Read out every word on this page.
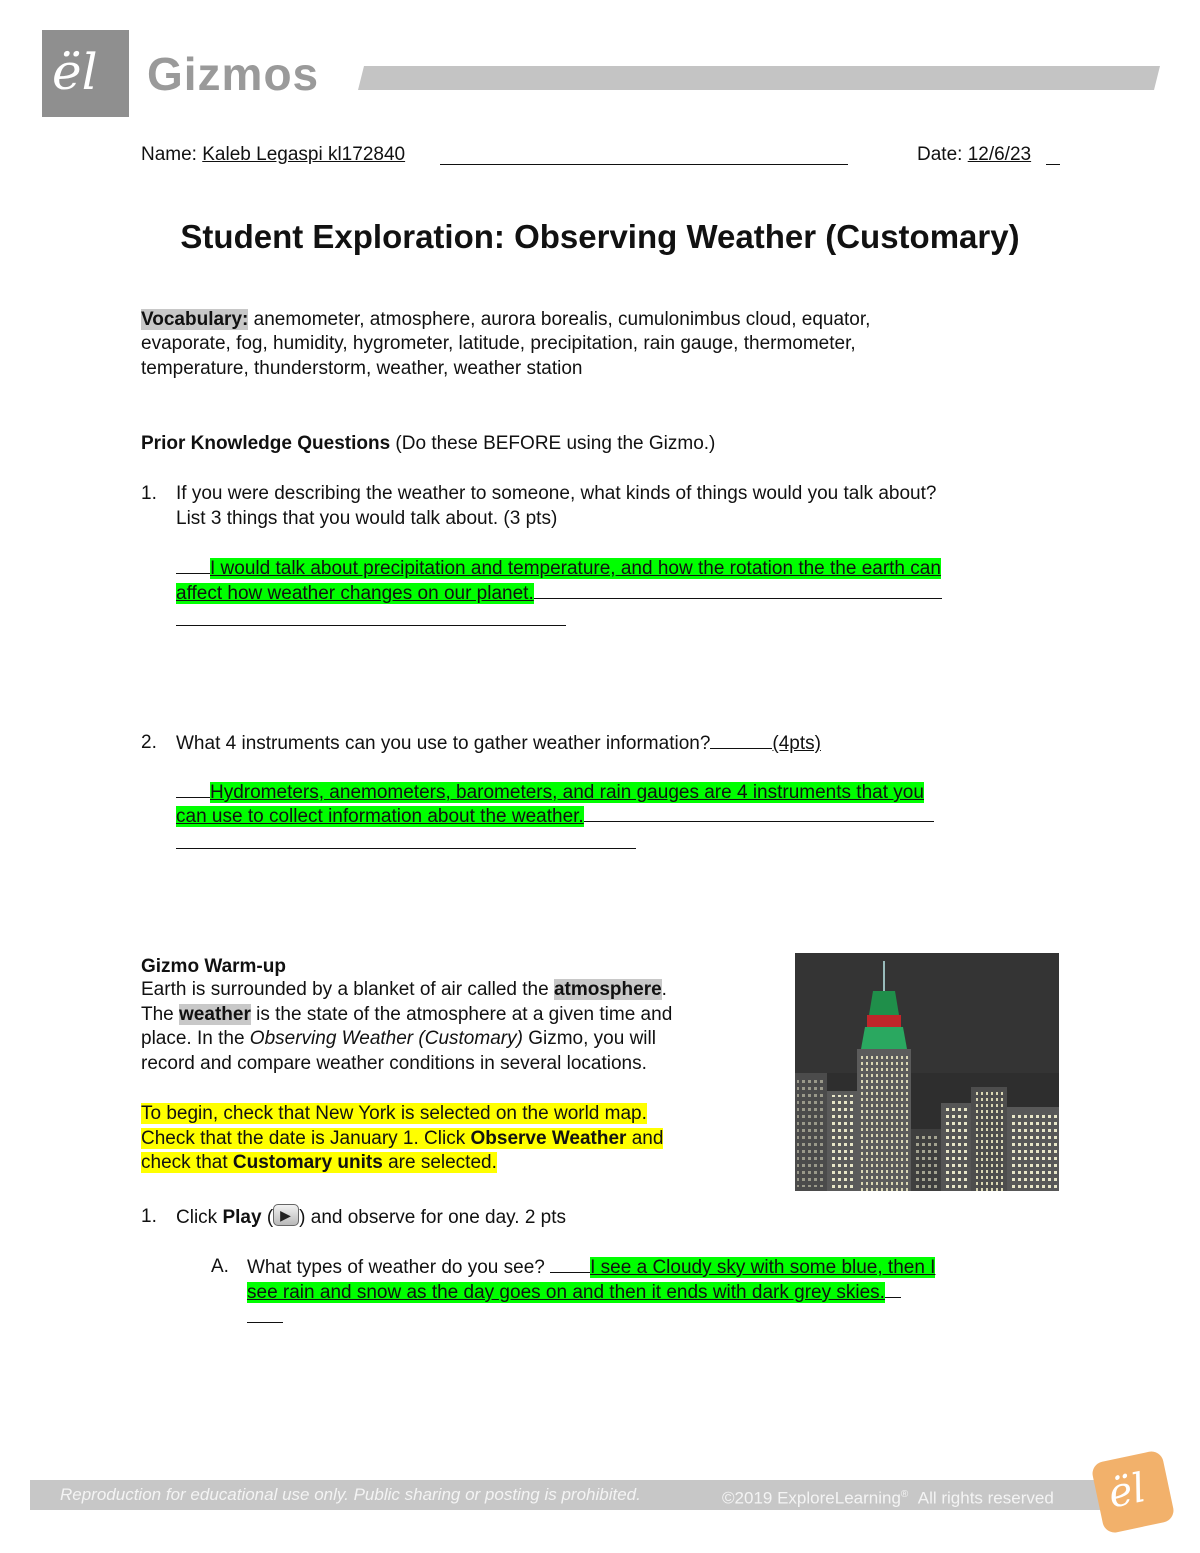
ël Gizmos
Name: Kaleb Legaspi kl172840	Date: 12/6/23
Student Exploration: Observing Weather (Customary)
Vocabulary: anemometer, atmosphere, aurora borealis, cumulonimbus cloud, equator,
evaporate, fog, humidity, hygrometer, latitude, precipitation, rain gauge, thermometer,
temperature, thunderstorm, weather, weather station
Prior Knowledge Questions (Do these BEFORE using the Gizmo.)
1. If you were describing the weather to someone, what kinds of things would you talk about?
List 3 things that you would talk about. (3 pts)
I would talk about precipitation and temperature, and how the rotation the the earth can
affect how weather changes on our planet.
2. What 4 instruments can you use to gather weather information?	(4pts)
Hydrometers, anemometers, barometers, and rain gauges are 4 instruments that you
can use to collect information about the weather.
Gizmo Warm-up
Earth is surrounded by a blanket of air called the atmosphere.
The weather is the state of the atmosphere at a given time and
place. In the Observing Weather (Customary) Gizmo, you will
record and compare weather conditions in several locations.
To begin, check that New York is selected on the world map.
Check that the date is January 1. Click Observe Weather and
check that Customary units are selected.
1. Click Play ( ▶ ) and observe for one day. 2 pts
A. What types of weather do you see? I see a Cloudy sky with some blue, then I
see rain and snow as the day goes on and then it ends with dark grey skies.
Reproduction for educational use only. Public sharing or posting is prohibited.	©2019 ExploreLearning® All rights reserved ël
